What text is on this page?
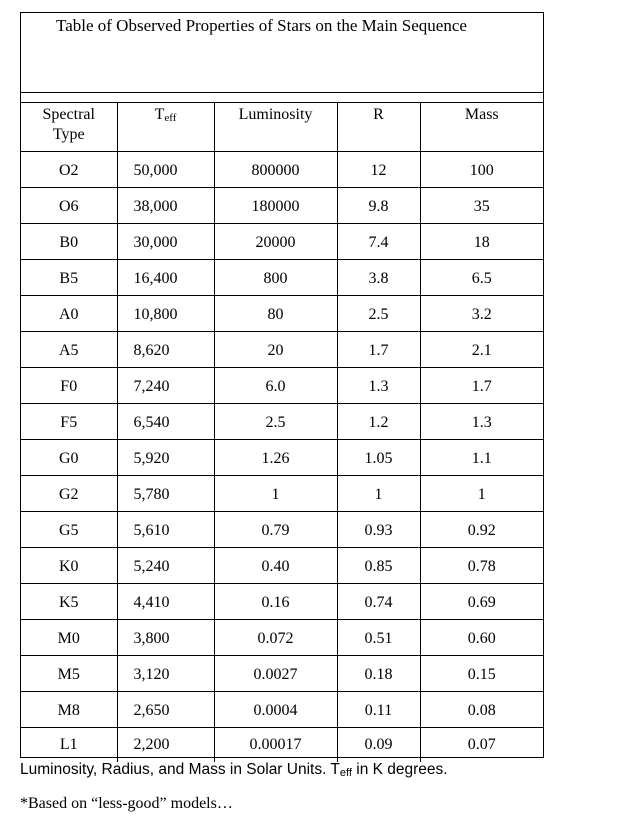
Table of Observed Properties of Stars on the Main Sequence
Spectral
Type	Teff	Luminosity	R	Mass
O2	50,000	800000	12	100
O6	38,000	180000	9.8	35
B0	30,000	20000	7.4	18
B5	16,400	800	3.8	6.5
A0	10,800	80	2.5	3.2
A5	8,620	20	1.7	2.1
F0	7,240	6.0	1.3	1.7
F5	6,540	2.5	1.2	1.3
G0	5,920	1.26	1.05	1.1
G2	5,780	1	1	1
G5	5,610	0.79	0.93	0.92
K0	5,240	0.40	0.85	0.78
K5	4,410	0.16	0.74	0.69
M0	3,800	0.072	0.51	0.60
M5	3,120	0.0027	0.18	0.15
M8	2,650	0.0004	0.11	0.08
L1	2,200	0.00017	0.09	0.07
Luminosity, Radius, and Mass in Solar Units. Teff in K degrees.
*Based on “less-good” models…
